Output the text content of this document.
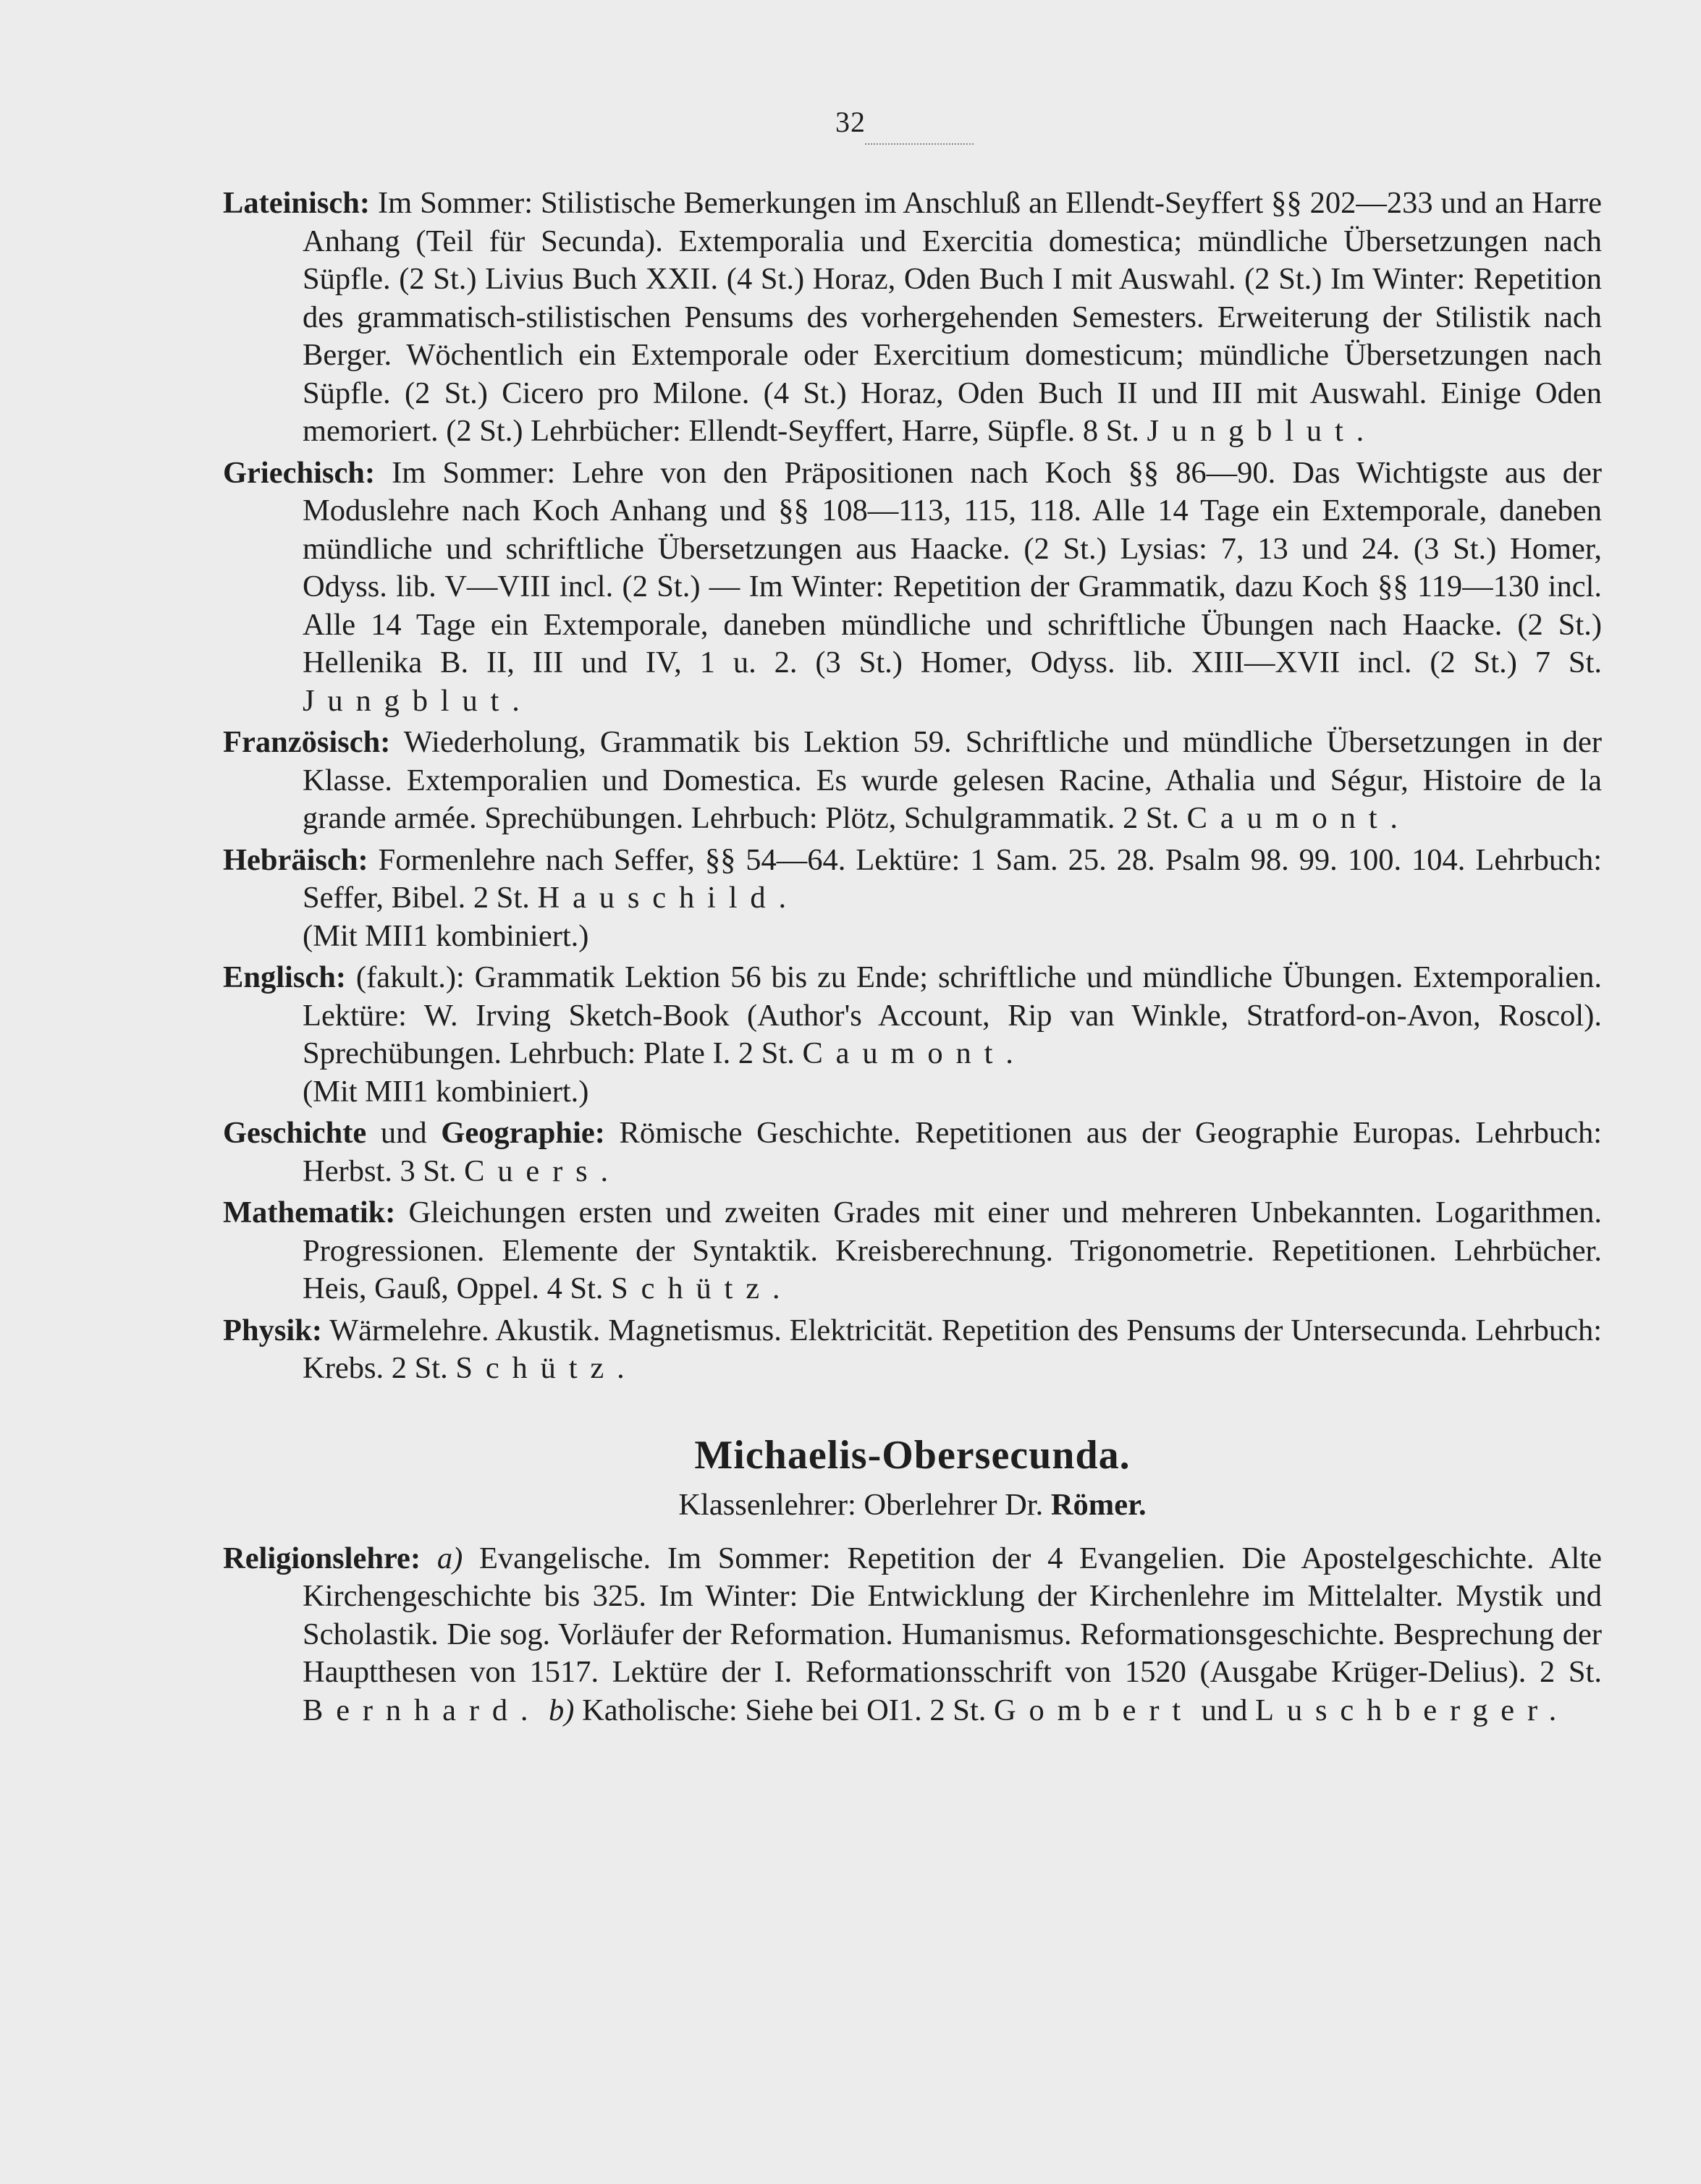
32

Lateinisch: Im Sommer: Stilistische Bemerkungen im Anschluß an Ellendt-Seyffert §§ 202—233 und an Harre Anhang (Teil für Secunda). Extemporalia und Exercitia domestica; mündliche Übersetzungen nach Süpfle. (2 St.) Livius Buch XXII. (4 St.) Horaz, Oden Buch I mit Auswahl. (2 St.) Im Winter: Repetition des grammatisch-stilistischen Pensums des vorhergehenden Semesters. Erweiterung der Stilistik nach Berger. Wöchentlich ein Extemporale oder Exercitium domesticum; mündliche Übersetzungen nach Süpfle. (2 St.) Cicero pro Milone. (4 St.) Horaz, Oden Buch II und III mit Auswahl. Einige Oden memoriert. (2 St.) Lehrbücher: Ellendt-Seyffert, Harre, Süpfle. 8 St. Jungblut.

Griechisch: Im Sommer: Lehre von den Präpositionen nach Koch §§ 86—90. Das Wichtigste aus der Moduslehre nach Koch Anhang und §§ 108—113, 115, 118. Alle 14 Tage ein Extemporale, daneben mündliche und schriftliche Übersetzungen aus Haacke. (2 St.) Lysias: 7, 13 und 24. (3 St.) Homer, Odyss. lib. V—VIII incl. (2 St.) — Im Winter: Repetition der Grammatik, dazu Koch §§ 119—130 incl. Alle 14 Tage ein Extemporale, daneben mündliche und schriftliche Übungen nach Haacke. (2 St.) Hellenika B. II, III und IV, 1 u. 2. (3 St.) Homer, Odyss. lib. XIII—XVII incl. (2 St.) 7 St. Jungblut.

Französisch: Wiederholung, Grammatik bis Lektion 59. Schriftliche und mündliche Übersetzungen in der Klasse. Extemporalien und Domestica. Es wurde gelesen Racine, Athalia und Ségur, Histoire de la grande armée. Sprechübungen. Lehrbuch: Plötz, Schulgrammatik. 2 St. Caumont.

Hebräisch: Formenlehre nach Seffer, §§ 54—64. Lektüre: 1 Sam. 25. 28. Psalm 98. 99. 100. 104. Lehrbuch: Seffer, Bibel. 2 St. Hauschild.
(Mit MII1 kombiniert.)

Englisch: (fakult.): Grammatik Lektion 56 bis zu Ende; schriftliche und mündliche Übungen. Extemporalien. Lektüre: W. Irving Sketch-Book (Author's Account, Rip van Winkle, Stratford-on-Avon, Roscol). Sprechübungen. Lehrbuch: Plate I. 2 St. Caumont.
(Mit MII1 kombiniert.)

Geschichte und Geographie: Römische Geschichte. Repetitionen aus der Geographie Europas. Lehrbuch: Herbst. 3 St. Cuers.

Mathematik: Gleichungen ersten und zweiten Grades mit einer und mehreren Unbekannten. Logarithmen. Progressionen. Elemente der Syntaktik. Kreisberechnung. Trigonometrie. Repetitionen. Lehrbücher. Heis, Gauß, Oppel. 4 St. Schütz.

Physik: Wärmelehre. Akustik. Magnetismus. Elektricität. Repetition des Pensums der Untersecunda. Lehrbuch: Krebs. 2 St. Schütz.

Michaelis-Obersecunda.
Klassenlehrer: Oberlehrer Dr. Römer.

Religionslehre: a) Evangelische. Im Sommer: Repetition der 4 Evangelien. Die Apostelgeschichte. Alte Kirchengeschichte bis 325. Im Winter: Die Entwicklung der Kirchenlehre im Mittelalter. Mystik und Scholastik. Die sog. Vorläufer der Reformation. Humanismus. Reformationsgeschichte. Besprechung der Hauptthesen von 1517. Lektüre der I. Reformationsschrift von 1520 (Ausgabe Krüger-Delius). 2 St. Bernhard. b) Katholische: Siehe bei OI1. 2 St. Gombert und Luschberger.
